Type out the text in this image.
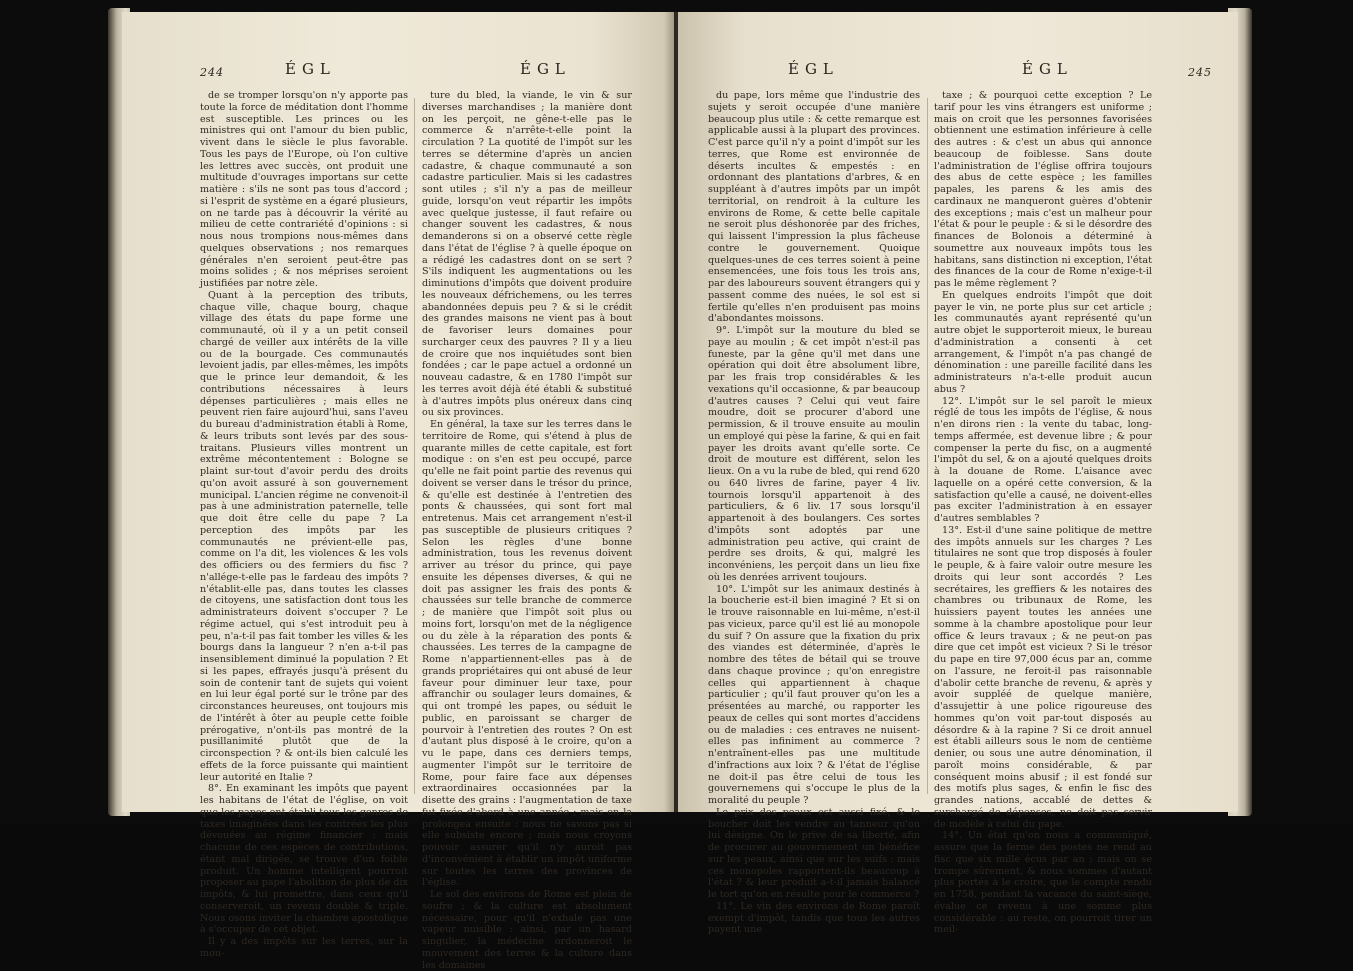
244	ÉGL	ÉGL

de se tromper lorsqu'on n'y apporte pas toute la force de méditation dont l'homme est susceptible. Les princes ou les ministres qui ont l'amour du bien public, vivent dans le siècle le plus favorable. Tous les pays de l'Europe, où l'on cultive les lettres avec succès, ont produit une multitude d'ouvrages importans sur cette matière : s'ils ne sont pas tous d'accord ; si l'esprit de système en a égaré plusieurs, on ne tarde pas à découvrir la vérité au milieu de cette contrariété d'opinions : si nous nous trompions nous-mêmes dans quelques observations ; nos remarques générales n'en seroient peut-être pas moins solides ; & nos méprises seroient justifiées par notre zèle.

Quant à la perception des tributs, chaque ville, chaque bourg, chaque village des états du pape forme une communauté, où il y a un petit conseil chargé de veiller aux intérêts de la ville ou de la bourgade. Ces communautés levoient jadis, par elles-mêmes, les impôts que le prince leur demandoit, & les contributions nécessaires à leurs dépenses particulières ; mais elles ne peuvent rien faire aujourd'hui, sans l'aveu du bureau d'administration établi à Rome, & leurs tributs sont levés par des sous-traitans. Plusieurs villes montrent un extrême mécontentement : Bologne se plaint sur-tout d'avoir perdu des droits qu'on avoit assuré à son gouvernement municipal. L'ancien régime ne convenoit-il pas à une administration paternelle, telle que doit être celle du pape ? La perception des impôts par les communautés ne prévient-elle pas, comme on l'a dit, les violences & les vols des officiers ou des fermiers du fisc ? n'allége-t-elle pas le fardeau des impôts ? n'établit-elle pas, dans toutes les classes de citoyens, une satisfaction dont tous les administrateurs doivent s'occuper ? Le régime actuel, qui s'est introduit peu à peu, n'a-t-il pas fait tomber les villes & les bourgs dans la langueur ? n'en a-t-il pas insensiblement diminué la population ? Et si les papes, effrayés jusqu'à présent du soin de contenir tant de sujets qui voient en lui leur égal porté sur le trône par des circonstances heureuses, ont toujours mis de l'intérêt à ôter au peuple cette foible prérogative, n'ont-ils pas montré de la pusillanimité plutôt que de la circonspection ? & ont-ils bien calculé les effets de la force puissante qui maintient leur autorité en Italie ?

8°. En examinant les impôts que payent les habitans de l'état de l'église, on voit que les papes ont établi tous les genres de taxes imaginées dans les contrées les plus dévouées au régime financier ; mais chacune de ces espèces de contributions, étant mal dirigée, se trouve d'un foible produit. Un homme intelligent pourroit proposer au pape l'abolition de plus de dix impôts, & lui promettre, dans ceux qu'il conserveroit, un revenu double & triple. Nous osons inviter la chambre apostolique à s'occuper de cet objet.

Il y a des impôts sur les terres, sur la mou-

ture du bled, la viande, le vin & sur diverses marchandises ; la manière dont on les perçoit, ne gêne-t-elle pas le commerce & n'arrête-t-elle point la circulation ? La quotité de l'impôt sur les terres se détermine d'après un ancien cadastre, & chaque communauté a son cadastre particulier. Mais si les cadastres sont utiles ; s'il n'y a pas de meilleur guide, lorsqu'on veut répartir les impôts avec quelque justesse, il faut refaire ou changer souvent les cadastres, & nous demanderons si on a observé cette règle dans l'état de l'église ? à quelle époque on a rédigé les cadastres dont on se sert ? S'ils indiquent les augmentations ou les diminutions d'impôts que doivent produire les nouveaux défrichemens, ou les terres abandonnées depuis peu ? & si le crédit des grandes maisons ne vient pas à bout de favoriser leurs domaines pour surcharger ceux des pauvres ? Il y a lieu de croire que nos inquiétudes sont bien fondées ; car le pape actuel a ordonné un nouveau cadastre, & en 1780 l'impôt sur les terres avoit déjà été établi & substitué à d'autres impôts plus onéreux dans cinq ou six provinces.

En général, la taxe sur les terres dans le territoire de Rome, qui s'étend à plus de quarante milles de cette capitale, est fort modique : on s'en est peu occupé, parce qu'elle ne fait point partie des revenus qui doivent se verser dans le trésor du prince, & qu'elle est destinée à l'entretien des ponts & chaussées, qui sont fort mal entretenus. Mais cet arrangement n'est-il pas susceptible de plusieurs critiques ? Selon les règles d'une bonne administration, tous les revenus doivent arriver au trésor du prince, qui paye ensuite les dépenses diverses, & qui ne doit pas assigner les frais des ponts & chaussées sur telle branche de commerce ; de manière que l'impôt soit plus ou moins fort, lorsqu'on met de la négligence ou du zèle à la réparation des ponts & chaussées. Les terres de la campagne de Rome n'appartiennent-elles pas à de grands propriétaires qui ont abusé de leur faveur pour diminuer leur taxe, pour affranchir ou soulager leurs domaines, & qui ont trompé les papes, ou séduit le public, en paroissant se charger de pourvoir à l'entretien des routes ? On est d'autant plus disposé à le croire, qu'on a vu le pape, dans ces derniers temps, augmenter l'impôt sur le territoire de Rome, pour faire face aux dépenses extraordinaires occasionnées par la disette des grains : l'augmentation de taxe fut fixée d'abord à une année ; mais on la prolongea ensuite : nous ne savons pas si elle subsiste encore ; mais nous croyons pouvoir assurer qu'il n'y auroit pas d'inconvénient à établir un impôt uniforme sur toutes les terres des provinces de l'église.

Le sol des environs de Rome est plein de soufre ; & la culture est absolument nécessaire, pour qu'il n'exhale pas une vapeur nuisible : ainsi, par un hasard singulier, la médecine ordonneroit le mouvement des terres & la culture dans les domaines

ÉGL	ÉGL	245

du pape, lors même que l'industrie des sujets y seroit occupée d'une manière beaucoup plus utile : & cette remarque est applicable aussi à la plupart des provinces. C'est parce qu'il n'y a point d'impôt sur les terres, que Rome est environnée de déserts incultes & empestés : en ordonnant des plantations d'arbres, & en suppléant à d'autres impôts par un impôt territorial, on rendroit à la culture les environs de Rome, & cette belle capitale ne seroit plus déshonorée par des friches, qui laissent l'impression la plus fâcheuse contre le gouvernement. Quoique quelques-unes de ces terres soient à peine ensemencées, une fois tous les trois ans, par des laboureurs souvent étrangers qui y passent comme des nuées, le sol est si fertile qu'elles n'en produisent pas moins d'abondantes moissons.

9°. L'impôt sur la mouture du bled se paye au moulin ; & cet impôt n'est-il pas funeste, par la gêne qu'il met dans une opération qui doit être absolument libre, par les frais trop considérables & les vexations qu'il occasionne, & par beaucoup d'autres causes ? Celui qui veut faire moudre, doit se procurer d'abord une permission, & il trouve ensuite au moulin un employé qui pèse la farine, & qui en fait payer les droits avant qu'elle sorte. Ce droit de mouture est différent, selon les lieux. On a vu la rube de bled, qui rend 620 ou 640 livres de farine, payer 4 liv. tournois lorsqu'il appartenoit à des particuliers, & 6 liv. 17 sous lorsqu'il appartenoit à des boulangers. Ces sortes d'impôts sont adoptés par une administration peu active, qui craint de perdre ses droits, & qui, malgré les inconvéniens, les perçoit dans un lieu fixe où les denrées arrivent toujours.

10°. L'impôt sur les animaux destinés à la boucherie est-il bien imaginé ? Et si on le trouve raisonnable en lui-même, n'est-il pas vicieux, parce qu'il est lié au monopole du suif ? On assure que la fixation du prix des viandes est déterminée, d'après le nombre des têtes de bétail qui se trouve dans chaque province ; qu'on enregistre celles qui appartiennent à chaque particulier ; qu'il faut prouver qu'on les a présentées au marché, ou rapporter les peaux de celles qui sont mortes d'accidens ou de maladies : ces entraves ne nuisent-elles pas infiniment au commerce ? n'entraînent-elles pas une multitude d'infractions aux loix ? & l'état de l'église ne doit-il pas être celui de tous les gouvernemens qui s'occupe le plus de la moralité du peuple ?

Le prix des peaux est aussi fixé, & le boucher doit les vendre au tanneur qu'on lui désigne. On le prive de sa liberté, afin de procurer au gouvernement un bénéfice sur les peaux, ainsi que sur les suifs : mais ces monopoles rapportent-ils beaucoup à l'état ? & leur produit a-t-il jamais balancé le tort qu'on en résulte pour le commerce ?

11°. Le vin des environs de Rome paroît exempt d'impôt, tandis que tous les autres payent une

taxe ; & pourquoi cette exception ? Le tarif pour les vins étrangers est uniforme ; mais on croit que les personnes favorisées obtiennent une estimation inférieure à celle des autres : & c'est un abus qui annonce beaucoup de foiblesse. Sans doute l'administration de l'église offrira toujours des abus de cette espèce ; les familles papales, les parens & les amis des cardinaux ne manqueront guères d'obtenir des exceptions ; mais c'est un malheur pour l'état & pour le peuple : & si le désordre des finances de Bolonois a déterminé à soumettre aux nouveaux impôts tous les habitans, sans distinction ni exception, l'état des finances de la cour de Rome n'exige-t-il pas le même règlement ?

En quelques endroits l'impôt que doit payer le vin, ne porte plus sur cet article ; les communautés ayant représenté qu'un autre objet le supporteroit mieux, le bureau d'administration a consenti à cet arrangement, & l'impôt n'a pas changé de dénomination : une pareille facilité dans les administrateurs n'a-t-elle produit aucun abus ?

12°. L'impôt sur le sel paroît le mieux réglé de tous les impôts de l'église, & nous n'en dirons rien : la vente du tabac, long-temps affermée, est devenue libre ; & pour compenser la perte du fisc, on a augmenté l'impôt du sel, & on a ajouté quelques droits à la douane de Rome. L'aisance avec laquelle on a opéré cette conversion, & la satisfaction qu'elle a causé, ne doivent-elles pas exciter l'administration à en essayer d'autres semblables ?

13°. Est-il d'une saine politique de mettre des impôts annuels sur les charges ? Les titulaires ne sont que trop disposés à fouler le peuple, & à faire valoir outre mesure les droits qui leur sont accordés ? Les secrétaires, les greffiers & les notaires des chambres ou tribunaux de Rome, les huissiers payent toutes les années une somme à la chambre apostolique pour leur office & leurs travaux ; & ne peut-on pas dire que cet impôt est vicieux ? Si le trésor du pape en tire 97,000 écus par an, comme on l'assure, ne feroit-il pas raisonnable d'abolir cette branche de revenu, & après y avoir suppléé de quelque manière, d'assujettir à une police rigoureuse des hommes qu'on voit par-tout disposés au désordre & à la rapine ? Si ce droit annuel est établi ailleurs sous le nom de centième denier, ou sous une autre dénomination, il paroît moins considérable, & par conséquent moins abusif ; il est fondé sur des motifs plus sages, & enfin le fisc des grandes nations, accablé de dettes & surchargé de dépenses, ne doit pas servir de modèle à celui du pape.

14°. Un état qu'on nous a communiqué, assure que la ferme des postes ne rend au fisc que six mille écus par an ; mais on se trompe sûrement, & nous sommes d'autant plus portés à le croire, que le compte rendu en 1758, pendant la vacance du saint-siège, évalue ce revenu à une somme plus considérable : au reste, on pourroit tirer un meil-
